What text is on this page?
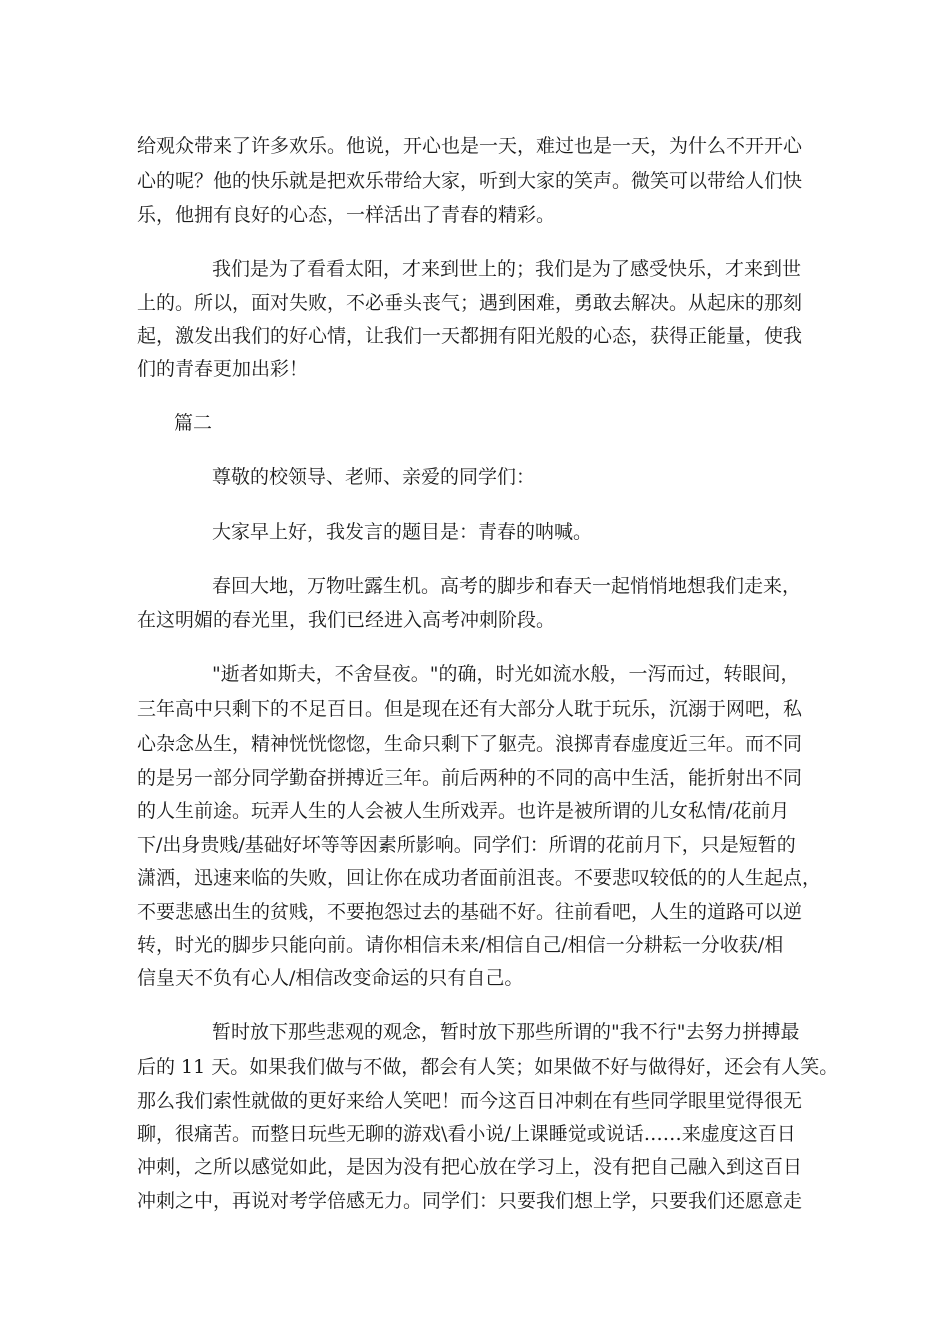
给观众带来了许多欢乐。他说，开心也是一天，难过也是一天，为什么不开开心
心的呢？他的快乐就是把欢乐带给大家，听到大家的笑声。微笑可以带给人们快
乐，他拥有良好的心态，一样活出了青春的精彩。
我们是为了看看太阳，才来到世上的；我们是为了感受快乐，才来到世
上的。所以，面对失败，不必垂头丧气；遇到困难，勇敢去解决。从起床的那刻
起，激发出我们的好心情，让我们一天都拥有阳光般的心态，获得正能量，使我
们的青春更加出彩！
篇二
尊敬的校领导、老师、亲爱的同学们：
大家早上好，我发言的题目是：青春的呐喊。
春回大地，万物吐露生机。高考的脚步和春天一起悄悄地想我们走来，
在这明媚的春光里，我们已经进入高考冲刺阶段。
"逝者如斯夫，不舍昼夜。"的确，时光如流水般，一泻而过，转眼间，
三年高中只剩下的不足百日。但是现在还有大部分人耽于玩乐，沉溺于网吧，私
心杂念丛生，精神恍恍惚惚，生命只剩下了躯壳。浪掷青春虚度近三年。而不同
的是另一部分同学勤奋拼搏近三年。前后两种的不同的高中生活，能折射出不同
的人生前途。玩弄人生的人会被人生所戏弄。也许是被所谓的儿女私情/花前月
下/出身贵贱/基础好坏等等因素所影响。同学们：所谓的花前月下，只是短暂的
潇洒，迅速来临的失败，回让你在成功者面前沮丧。不要悲叹较低的的人生起点，
不要悲感出生的贫贱，不要抱怨过去的基础不好。往前看吧，人生的道路可以逆
转，时光的脚步只能向前。请你相信未来/相信自己/相信一分耕耘一分收获/相
信皇天不负有心人/相信改变命运的只有自己。
暂时放下那些悲观的观念，暂时放下那些所谓的"我不行"去努力拼搏最
后的 11 天。如果我们做与不做，都会有人笑；如果做不好与做得好，还会有人笑。
那么我们索性就做的更好来给人笑吧！而今这百日冲刺在有些同学眼里觉得很无
聊，很痛苦。而整日玩些无聊的游戏\看小说/上课睡觉或说话……来虚度这百日
冲刺，之所以感觉如此，是因为没有把心放在学习上，没有把自己融入到这百日
冲刺之中，再说对考学倍感无力。同学们：只要我们想上学，只要我们还愿意走
